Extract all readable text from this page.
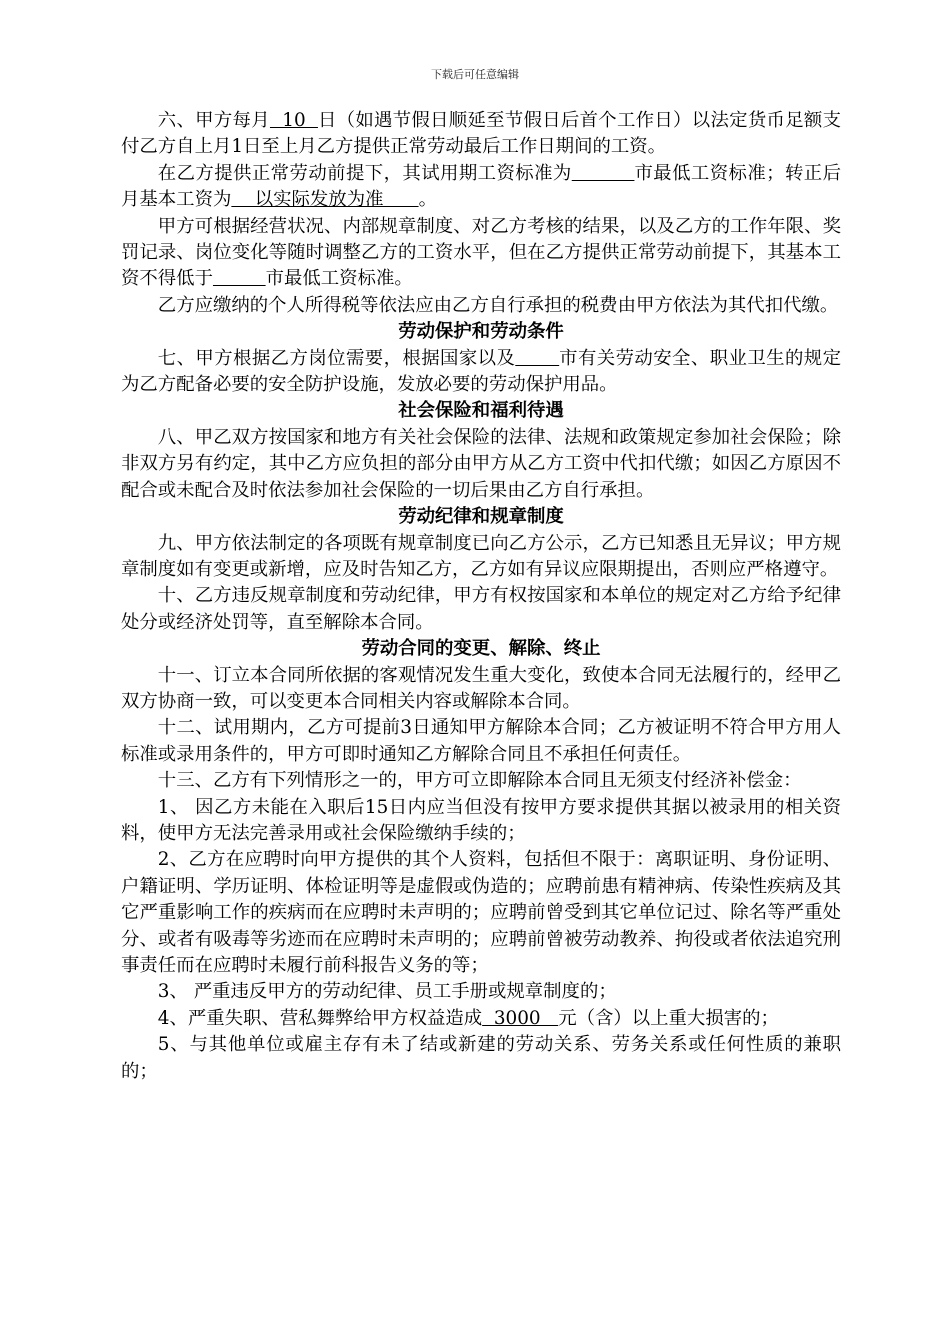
下载后可任意编辑

六、甲方每月  10  日（如遇节假日顺延至节假日后首个工作日）以法定货币足额支付乙方自上月1日至上月乙方提供正常劳动最后工作日期间的工资。

在乙方提供正常劳动前提下，其试用期工资标准为	市最低工资标准；转正后月基本工资为    以实际发放为准      。

甲方可根据经营状况、内部规章制度、对乙方考核的结果，以及乙方的工作年限、奖罚记录、岗位变化等随时调整乙方的工资水平，但在乙方提供正常劳动前提下，其基本工资不得低于	市最低工资标准。

乙方应缴纳的个人所得税等依法应由乙方自行承担的税费由甲方依法为其代扣代缴。

劳动保护和劳动条件

七、甲方根据乙方岗位需要，根据国家以及 市有关劳动安全、职业卫生的规定为乙方配备必要的安全防护设施，发放必要的劳动保护用品。

社会保险和福利待遇

八、甲乙双方按国家和地方有关社会保险的法律、法规和政策规定参加社会保险；除非双方另有约定，其中乙方应负担的部分由甲方从乙方工资中代扣代缴；如因乙方原因不配合或未配合及时依法参加社会保险的一切后果由乙方自行承担。

劳动纪律和规章制度

九、甲方依法制定的各项既有规章制度已向乙方公示，乙方已知悉且无异议；甲方规章制度如有变更或新增，应及时告知乙方，乙方如有异议应限期提出，否则应严格遵守。

十、乙方违反规章制度和劳动纪律，甲方有权按国家和本单位的规定对乙方给予纪律处分或经济处罚等，直至解除本合同。

劳动合同的变更、解除、终止

十一、订立本合同所依据的客观情况发生重大变化，致使本合同无法履行的，经甲乙双方协商一致，可以变更本合同相关内容或解除本合同。

十二、试用期内，乙方可提前3日通知甲方解除本合同；乙方被证明不符合甲方用人标准或录用条件的，甲方可即时通知乙方解除合同且不承担任何责任。

十三、乙方有下列情形之一的，甲方可立即解除本合同且无须支付经济补偿金：

1、 因乙方未能在入职后15日内应当但没有按甲方要求提供其据以被录用的相关资料，使甲方无法完善录用或社会保险缴纳手续的；

2、乙方在应聘时向甲方提供的其个人资料，包括但不限于：离职证明、身份证明、户籍证明、学历证明、体检证明等是虚假或伪造的；应聘前患有精神病、传染性疾病及其它严重影响工作的疾病而在应聘时未声明的；应聘前曾受到其它单位记过、除名等严重处分、或者有吸毒等劣迹而在应聘时未声明的；应聘前曾被劳动教养、拘役或者依法追究刑事责任而在应聘时未履行前科报告义务的等；

3、 严重违反甲方的劳动纪律、员工手册或规章制度的；

4、严重失职、营私舞弊给甲方权益造成  3000   元（含）以上重大损害的；

5、与其他单位或雇主存有未了结或新建的劳动关系、劳务关系或任何性质的兼职的；
